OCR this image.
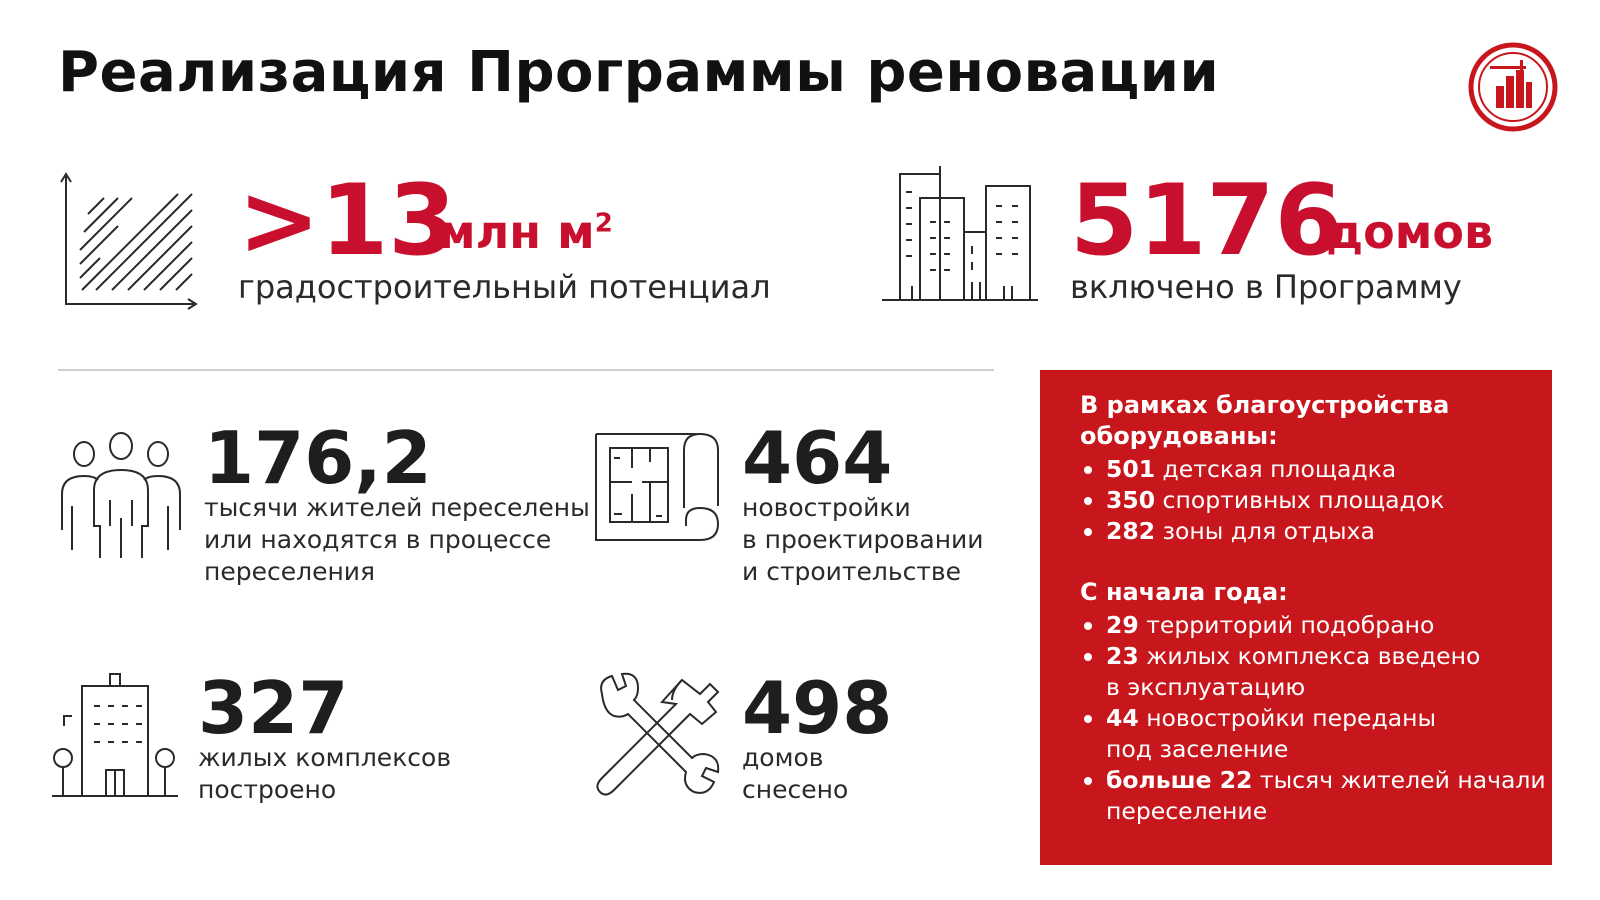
Реализация Программы реновации
>13
млн $м^2$
градостроительный потенциал
5176
домов
включено в Программу
176,2
тысячи жителей переселены
или находятся в процессе
переселения
464
новостройки
в проектировании
и строительстве
327
жилых комплексов
построено
498
домов
снесено
В рамках благоустройства
оборудованы:
501 детская площадка
350 спортивных площадок
282 зоны для отдыха
С начала года:
29 территорий подобрано
23 жилых комплекса введено
в эксплуатацию
44 новостройки переданы
под заселение
больше 22 тысяч жителей начали
переселение
